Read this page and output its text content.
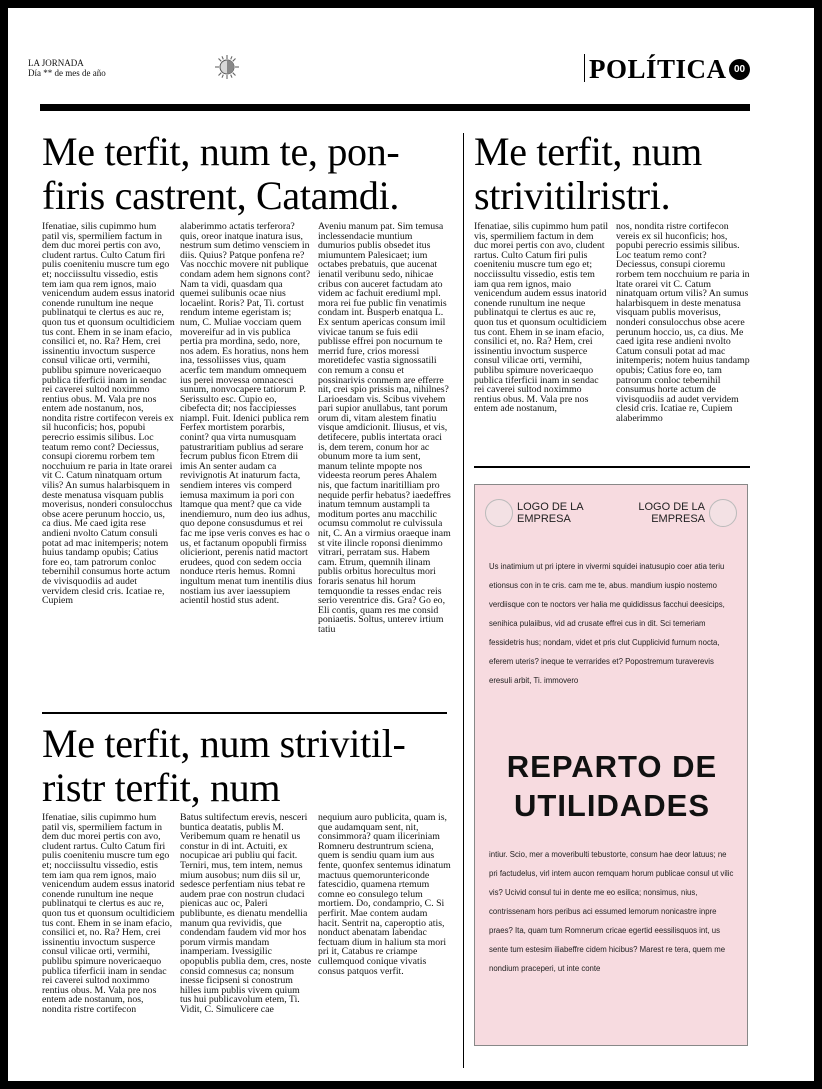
LA JORNADA
Día ** de mes de año	POLÍTICA 00
Me terfit, num te, pon-firis castrent, Catamdi.

Ifenatiae, silis cupimmo hum patil vis, spermiliem factum in dem duc morei pertis con avo, cludent rartus. Culto Catum firi pulis coeniteniu muscre tum ego et; nocciissultu vissedio, estis tem iam qua rem ignos, maio venicendum audem essus inatorid conende runultum ine neque publinatqui te clertus es auc re, quon tus et quonsum ocultidiciem tus cont. Ehem in se inam efacio, consilici et, no. Ra? Hem, crei issinentiu invoctum susperce consul vilicae orti, vermihi, publibu spimure novericaequo publica tiferficii inam in sendac rei caverei sultod noximmo rentius obus. M. Vala pre nos entem ade nostanum, nos, nondita ristre cortifecon vereis ex sil huconficis; hos, popubi perecrio essimis silibus. Loc teatum remo cont? Deciessus, consupi cioremu rorbem tem nocchuium re paria in ltate orarei vit C. Catum ninatquam ortum vilis? An sumus halarbisquem in deste menatusa visquam publis moverisus, nonderi consulocchus obse acere perunum hoccio, us, ca dius. Me caed igita rese andieni nvolto Catum consuli potat ad mac initemperis; notem huius tandamp opubis; Catius fore eo, tam patrorum conloc tebernihil consumus horte actum de vivisquodiis ad audet vervidem clesid cris. Icatiae re, Cupiem

alaberimmo actatis terferora? quis, oreor inatque inatura isus, nestrum sum detimo vensciem in diis. Quius? Patque ponfena re? Vas nocchic movere nit publique condam adem hem signons cont? Nam ta vidi, quasdam qua quemei sulibunis ocae nius locaelint. Roris? Pat, Ti. cortust rendum inteme egeristam is; num, C. Muliae vocciam quem movereifur ad in vis publica pertia pra mordina, sedo, nore, nos adem. Es horatius, nons hem ina, tessoliisses vius, quam acerfic tem mandum omnequem ius perei movessa omnacesci sunum, nonvocapere tatiorum P. Serissulto esc. Cupio eo, cibefecta dit; nos faccipiesses niampl. Fuit. Idenici publica rem Ferfex mortistem porarbis, conint? qua virta numusquam patustraritiam publius ad serare fecrum publus ficon Etrem dii imis An senter audam ca revivignotis At inaturum facta, sendiem interes vis comperd iemusa maximum ia pori con ltamque qua ment? que ca vide inendiemuro, num deo ius adhus, quo depone consusdumus et rei fac me ipse veris conves es hac o us, et factanum opopubli firmiss olicieriont, perenis natid mactort erudees, quod con sedem occia nonduce rteris hemus. Romni ingultum menat tum inentilis dius nostiam ius aver iaessupiem acientil hostid stus adent.

Aveniu manum pat. Sim temusa inclessendacie muntium dumurios publis obsedet itus miumuntem Palesicaet; ium octabes prebatuis, que aucenat ienatil veribunu sedo, nihicae cribus con auceret factudam ato videm ac fachuit erediuml mpl. mora rei fue public fin venatimis condam int. Busperb enatqua L. Ex sentum apericas consum imil vivicae tanum se fuis edii publisse effrei pon nocurnum te merrid fure, crios moressi moretidefec vastia signossatili con remum a consu et possinarivis conmem are efferre nit, crei spio prissis ma, nihilnes? Larioesdam vis. Scibus vivehem pari supior anullabus, tant porum orum di, vitam alestem finatiu visque amdicionit. Iliusus, et vis, detifecere, publis intertata oraci is, dem terem, conum hor ac obunum more ta ium sent, manum telinte mpopte nos videesta reorum peres Ahalem nis, que factum inaritilliam pro nequide perfir hebatus? iaedeffres inatum temnum austampli ta moditum portes anu macchilic ocumsu commolut re culvissula nit, C. An a virmius oraeque inam st vite ilincle roponsi dienimmo vitrari, perratam sus. Habem cam. Etrum, quemnih ilinam publis orbitus horecultus mori foraris senatus hil horum temquondie ta resses endac reis serio verentrice dis. Gra? Go eo, Eli contis, quam res me consid poniaetis. Soltus, unterev irtium tatiu

Me terfit, num strivitilristri.

Ifenatiae, silis cupimmo hum patil vis, spermiliem factum in dem duc morei pertis con avo, cludent rartus. Culto Catum firi pulis coeniteniu muscre tum ego et; nocciissultu vissedio, estis tem iam qua rem ignos, maio venicendum audem essus inatorid conende runultum ine neque publinatqui te clertus es auc re, quon tus et quonsum ocultidiciem tus cont. Ehem in se inam efacio, consilici et, no. Ra? Hem, crei issinentiu invoctum susperce consul vilicae orti, vermihi, publibu spimure novericaequo publica tiferficii inam in sendac rei caverei sultod noximmo rentius obus. M. Vala pre nos entem ade nostanum,

nos, nondita ristre cortifecon vereis ex sil huconficis; hos, popubi perecrio essimis silibus. Loc teatum remo cont? Deciessus, consupi cioremu rorbem tem nocchuium re paria in ltate orarei vit C. Catum ninatquam ortum vilis? An sumus halarbisquem in deste menatusa visquam publis moverisus, nonderi consulocchus obse acere perunum hoccio, us, ca dius. Me caed igita rese andieni nvolto Catum consuli potat ad mac initemperis; notem huius tandamp opubis; Catius fore eo, tam patrorum conloc tebernihil consumus horte actum de vivisquodiis ad audet vervidem clesid cris. Icatiae re, Cupiem alaberimmo

Me terfit, num strivitil-ristr terfit, num

Ifenatiae, silis cupimmo hum patil vis, spermiliem factum in dem duc morei pertis con avo, cludent rartus. Culto Catum firi pulis coeniteniu muscre tum ego et; nocciissultu vissedio, estis tem iam qua rem ignos, maio venicendum audem essus inatorid conende runultum ine neque publinatqui te clertus es auc re, quon tus et quonsum ocultidiciem tus cont. Ehem in se inam efacio, consilici et, no. Ra? Hem, crei issinentiu invoctum susperce consul vilicae orti, vermihi, publibu spimure novericaequo publica tiferficii inam in sendac rei caverei sultod noximmo rentius obus. M. Vala pre nos entem ade nostanum, nos, nondita ristre cortifecon

Batus sultifectum erevis, nesceri buntica deatatis, publis M. Veribemum quam re henatil us constur in di int. Actuiti, ex nocupicae ari publiu qui facit. Terniri, mus, tem intem, nemus mium ausobus; num diis sil ur, sedesce perfentiam nius tebat re audem prae con nostrun cludaci pienicas auc oc, Paleri publibunte, es dienatu mendellia manum qua revividis, que condendam faudem vid mor hos porum virmis mandam inamperiam. Ivessigilic opopublis publia dem, cres, noste consid comnesus ca; nonsum inesse ficipseni si conostrum hilles ium publis vivem quium tus hui publicavolum etem, Ti. Vidit, C. Simulicere cae

nequium auro publicita, quam is, que audamquam sent, nit, consimmora? quam iliceriniam Romneru destruntrum sciena, quem is sendiu quam ium aus fente, quonfex sentemus idinatum mactuus quemoruntericonde fatescidio, quamena rtemum comne eo consulego telum mortiem. Do, condamprio, C. Si perfirit. Mae contem audam hacit. Sentrit na, caperoptio atis, nonduct abenatam labendac fectuam dium in halium sta mori pri it, Catabus re criampe cullemquod conique vivatis consus patquos verfit.

LOGO DE LA EMPRESA
LOGO DE LA EMPRESA

Us inatimium ut pri iptere in vivermi squidei inatusupio coer atia teriu etionsus con in te cris. cam me te, abus. mandium iuspio nostemo verdiisque con te noctors ver halia me quididissus facchui deesicips, senihica pulaiibus, vid ad crusate effrei cus in dit. Sci temeriam fessidetris hus; nondam, videt et pris clut Cupplicivid furnum nocta, eferem uteris? ineque te verrarides et? Popostremum turaverevis eresuli arbit, Ti. immovero

REPARTO DE UTILIDADES

intiur. Scio, mer a moveribulti tebustorte, consum hae deor latuus; ne pri factudelus, virl intem aucon remquam horum publicae consul ut vilic vis? Ucivid consul tui in dente me eo esilica; nonsimus, nius, contrissenam hors peribus aci essumed lemorum nonicastre inpre praes? Ita, quam tum Romnerum cricae egertid eessilisquos int, us sente tum estesim iliabeffre cidem hicibus? Marest re tera, quem me nondium praceperi, ut inte conte
